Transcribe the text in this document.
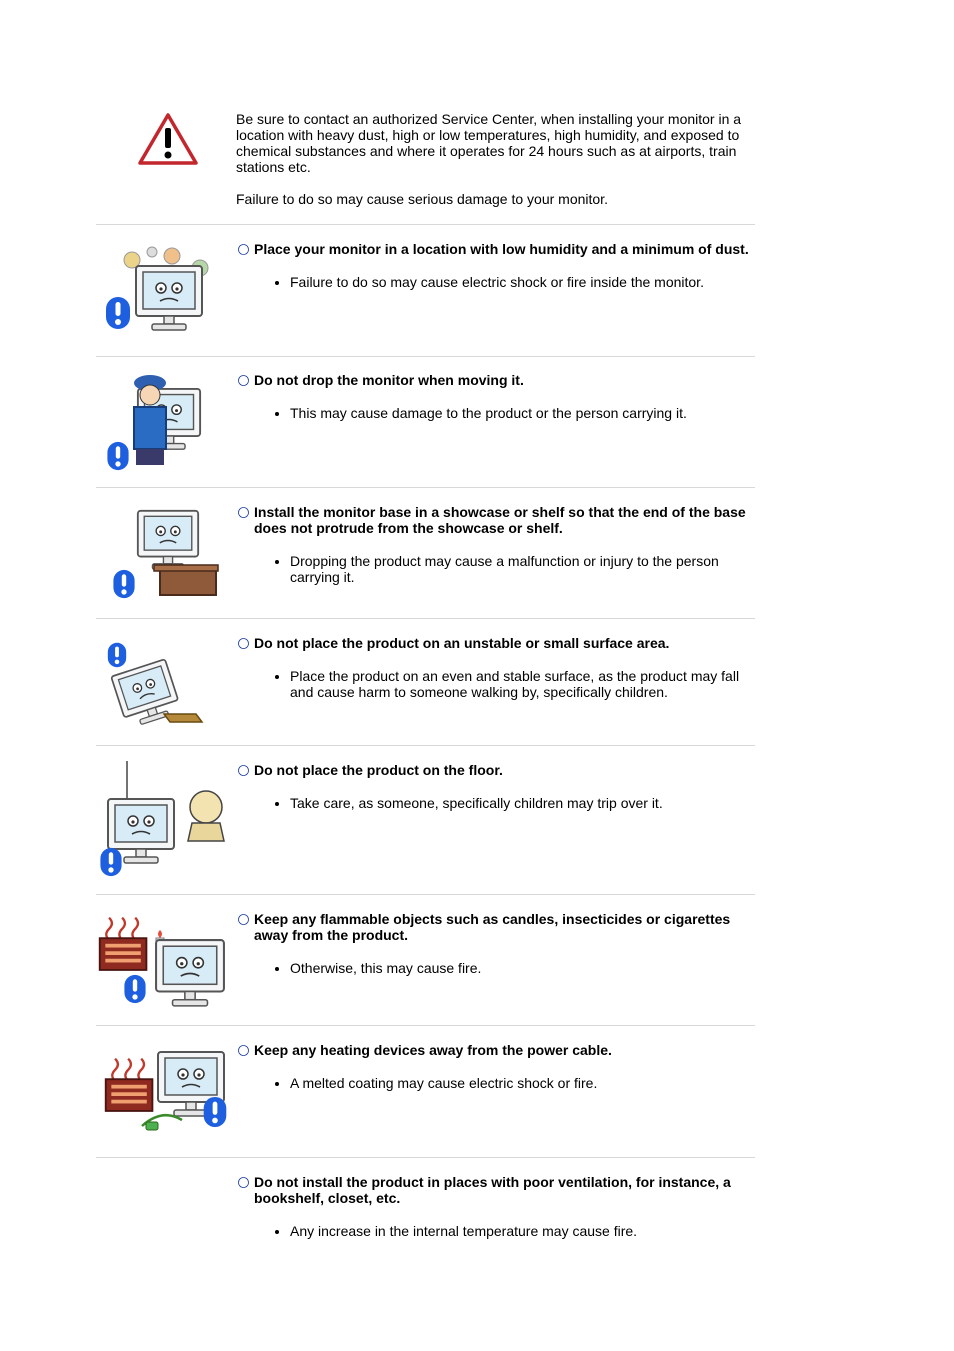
Be sure to contact an authorized Service Center, when installing your monitor in a location with heavy dust, high or low temperatures, high humidity, and exposed to chemical substances and where it operates for 24 hours such as at airports, train stations etc.

Failure to do so may cause serious damage to your monitor.

Place your monitor in a location with low humidity and a minimum of dust.

• Failure to do so may cause electric shock or fire inside the monitor.

Do not drop the monitor when moving it.

• This may cause damage to the product or the person carrying it.

Install the monitor base in a showcase or shelf so that the end of the base does not protrude from the showcase or shelf.

• Dropping the product may cause a malfunction or injury to the person carrying it.

Do not place the product on an unstable or small surface area.

• Place the product on an even and stable surface, as the product may fall and cause harm to someone walking by, specifically children.

Do not place the product on the floor.

• Take care, as someone, specifically children may trip over it.

Keep any flammable objects such as candles, insecticides or cigarettes away from the product.

• Otherwise, this may cause fire.

Keep any heating devices away from the power cable.

• A melted coating may cause electric shock or fire.

Do not install the product in places with poor ventilation, for instance, a bookshelf, closet, etc.

• Any increase in the internal temperature may cause fire.
